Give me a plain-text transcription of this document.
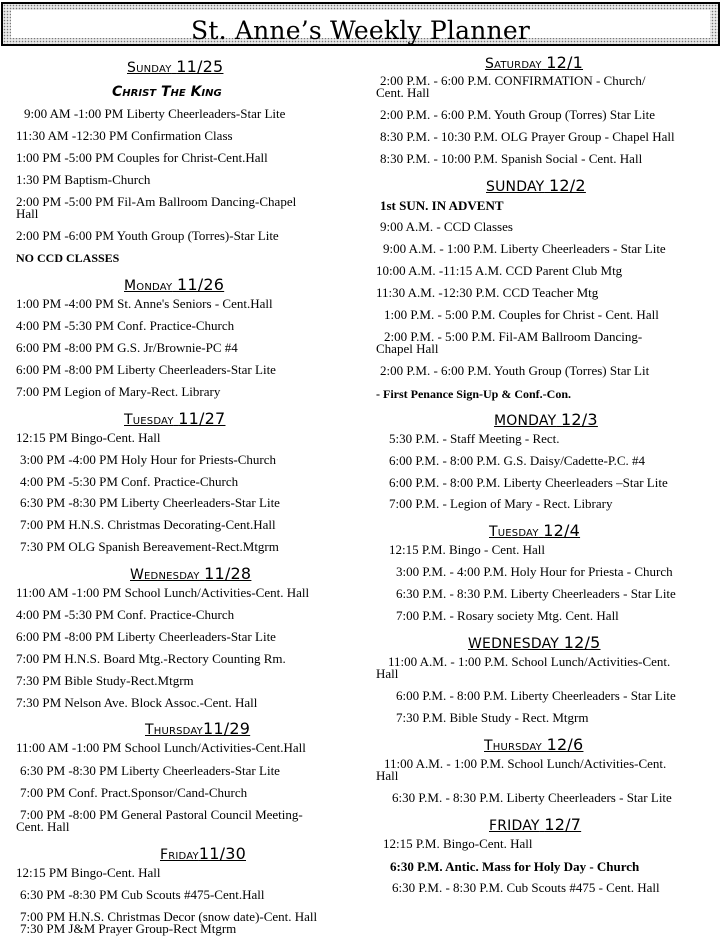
St. Anne’s Weekly Planner
Sunday 11/25
Christ The King
9:00 AM -1:00 PM Liberty Cheerleaders-Star Lite
11:30 AM -12:30 PM Confirmation Class
1:00 PM -5:00 PM Couples for Christ-Cent.Hall
1:30 PM Baptism-Church
2:00 PM -5:00 PM Fil-Am Ballroom Dancing-Chapel
Hall
2:00 PM -6:00 PM Youth Group (Torres)-Star Lite
NO CCD CLASSES
Monday 11/26
1:00 PM -4:00 PM St. Anne's Seniors - Cent.Hall
4:00 PM -5:30 PM Conf. Practice-Church
6:00 PM -8:00 PM G.S. Jr/Brownie-PC #4
6:00 PM -8:00 PM Liberty Cheerleaders-Star Lite
7:00 PM Legion of Mary-Rect. Library
Tuesday 11/27
12:15 PM Bingo-Cent. Hall
3:00 PM -4:00 PM Holy Hour for Priests-Church
4:00 PM -5:30 PM Conf. Practice-Church
6:30 PM -8:30 PM Liberty Cheerleaders-Star Lite
7:00 PM H.N.S. Christmas Decorating-Cent.Hall
7:30 PM OLG Spanish Bereavement-Rect.Mtgrm
Wednesday 11/28
11:00 AM -1:00 PM School Lunch/Activities-Cent. Hall
4:00 PM -5:30 PM Conf. Practice-Church
6:00 PM -8:00 PM Liberty Cheerleaders-Star Lite
7:00 PM H.N.S. Board Mtg.-Rectory Counting Rm.
7:30 PM Bible Study-Rect.Mtgrm
7:30 PM Nelson Ave. Block Assoc.-Cent. Hall
Thursday11/29
11:00 AM -1:00 PM School Lunch/Activities-Cent.Hall
6:30 PM -8:30 PM Liberty Cheerleaders-Star Lite
7:00 PM Conf. Pract.Sponsor/Cand-Church
7:00 PM -8:00 PM General Pastoral Council Meeting-
Cent. Hall
Friday11/30
12:15 PM Bingo-Cent. Hall
6:30 PM -8:30 PM Cub Scouts #475-Cent.Hall
7:00 PM H.N.S. Christmas Decor (snow date)-Cent. Hall
7:30 PM J&M Prayer Group-Rect Mtgrm
Saturday 12/1
2:00 P.M. - 6:00 P.M. CONFIRMATION - Church/
Cent. Hall
2:00 P.M. - 6:00 P.M. Youth Group (Torres) Star Lite
8:30 P.M. - 10:30 P.M. OLG Prayer Group - Chapel Hall
8:30 P.M. - 10:00 P.M. Spanish Social - Cent. Hall
SUNDAY 12/2
1st SUN. IN ADVENT
9:00 A.M. - CCD Classes
9:00 A.M. - 1:00 P.M. Liberty Cheerleaders - Star Lite
10:00 A.M. -11:15 A.M. CCD Parent Club Mtg
11:30 A.M. -12:30 P.M. CCD Teacher Mtg
1:00 P.M. - 5:00 P.M. Couples for Christ - Cent. Hall
2:00 P.M. - 5:00 P.M. Fil-AM Ballroom Dancing-
Chapel Hall
2:00 P.M. - 6:00 P.M. Youth Group (Torres) Star Lit
- First Penance Sign-Up & Conf.-Con.
MONDAY 12/3
5:30 P.M. - Staff Meeting - Rect.
6:00 P.M. - 8:00 P.M. G.S. Daisy/Cadette-P.C. #4
6:00 P.M. - 8:00 P.M. Liberty Cheerleaders –Star Lite
7:00 P.M. - Legion of Mary - Rect. Library
Tuesday 12/4
12:15 P.M. Bingo - Cent. Hall
3:00 P.M. - 4:00 P.M. Holy Hour for Priesta - Church
6:30 P.M. - 8:30 P.M. Liberty Cheerleaders - Star Lite
7:00 P.M. - Rosary society Mtg. Cent. Hall
WEDNESDAY 12/5
11:00 A.M. - 1:00 P.M. School Lunch/Activities-Cent.
Hall
6:00 P.M. - 8:00 P.M. Liberty Cheerleaders - Star Lite
7:30 P.M. Bible Study - Rect. Mtgrm
Thursday 12/6
11:00 A.M. - 1:00 P.M. School Lunch/Activities-Cent.
Hall
6:30 P.M. - 8:30 P.M. Liberty Cheerleaders - Star Lite
FRIDAY 12/7
12:15 P.M. Bingo-Cent. Hall
6:30 P.M. Antic. Mass for Holy Day - Church
6:30 P.M. - 8:30 P.M. Cub Scouts #475 - Cent. Hall
